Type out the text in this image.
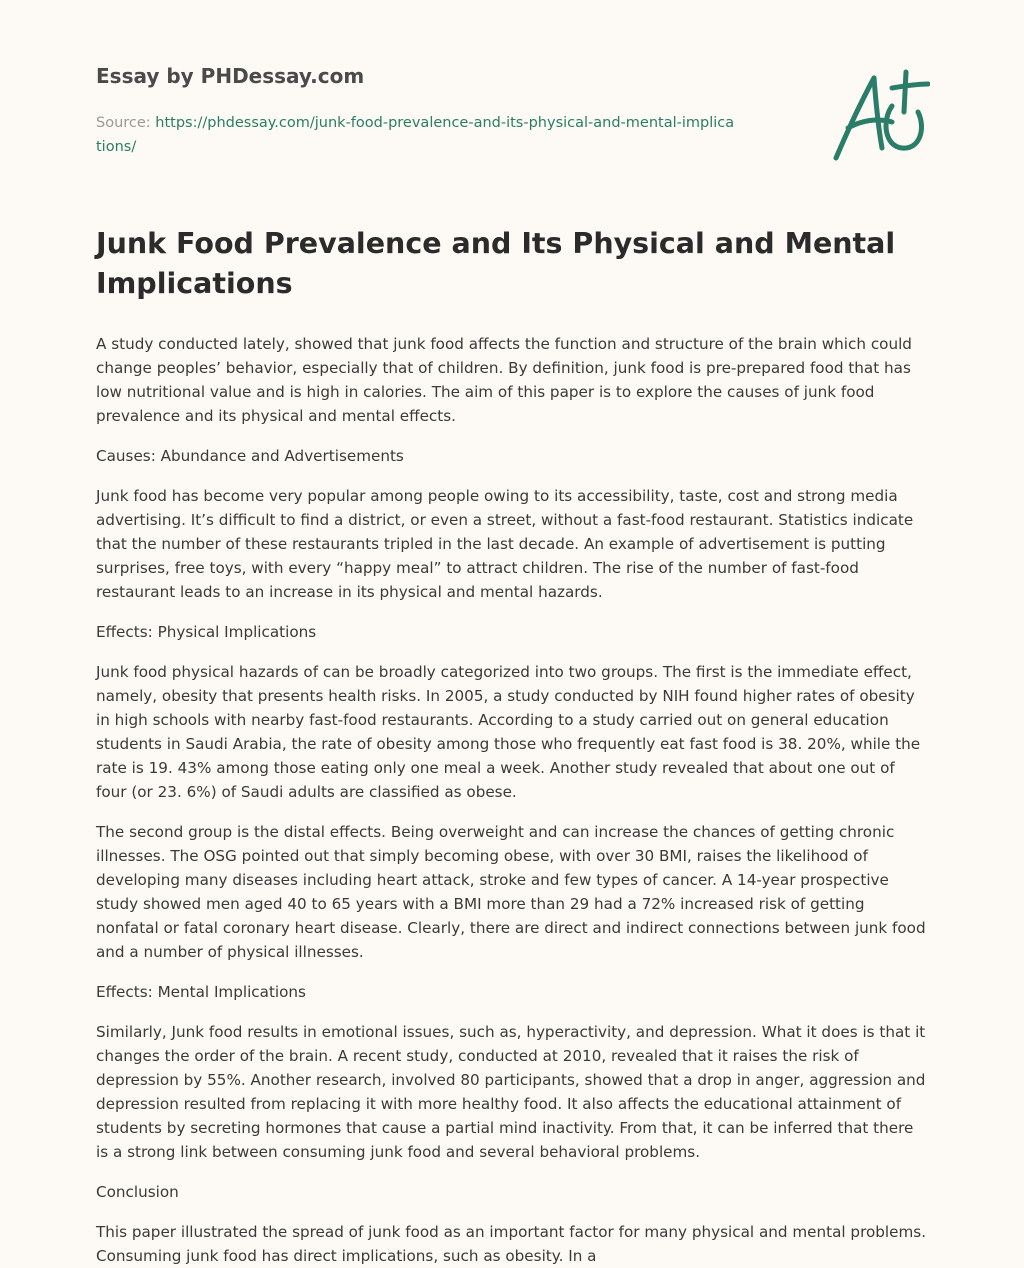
Essay by PHDessay.com

Source: https://phdessay.com/junk-food-prevalence-and-its-physical-and-mental-implications/

Junk Food Prevalence and Its Physical and Mental Implications

A study conducted lately, showed that junk food affects the function and structure of the brain which could change peoples’ behavior, especially that of children. By definition, junk food is pre-prepared food that has low nutritional value and is high in calories. The aim of this paper is to explore the causes of junk food prevalence and its physical and mental effects.

Causes: Abundance and Advertisements

Junk food has become very popular among people owing to its accessibility, taste, cost and strong media advertising. It’s difficult to find a district, or even a street, without a fast-food restaurant. Statistics indicate that the number of these restaurants tripled in the last decade. An example of advertisement is putting surprises, free toys, with every “happy meal” to attract children. The rise of the number of fast-food restaurant leads to an increase in its physical and mental hazards.

Effects: Physical Implications

Junk food physical hazards of can be broadly categorized into two groups. The first is the immediate effect, namely, obesity that presents health risks. In 2005, a study conducted by NIH found higher rates of obesity in high schools with nearby fast-food restaurants. According to a study carried out on general education students in Saudi Arabia, the rate of obesity among those who frequently eat fast food is 38. 20%, while the rate is 19. 43% among those eating only one meal a week. Another study revealed that about one out of four (or 23. 6%) of Saudi adults are classified as obese.

The second group is the distal effects. Being overweight and can increase the chances of getting chronic illnesses. The OSG pointed out that simply becoming obese, with over 30 BMI, raises the likelihood of developing many diseases including heart attack, stroke and few types of cancer. A 14-year prospective study showed men aged 40 to 65 years with a BMI more than 29 had a 72% increased risk of getting nonfatal or fatal coronary heart disease. Clearly, there are direct and indirect connections between junk food and a number of physical illnesses.

Effects: Mental Implications

Similarly, Junk food results in emotional issues, such as, hyperactivity, and depression. What it does is that it changes the order of the brain. A recent study, conducted at 2010, revealed that it raises the risk of depression by 55%. Another research, involved 80 participants, showed that a drop in anger, aggression and depression resulted from replacing it with more healthy food. It also affects the educational attainment of students by secreting hormones that cause a partial mind inactivity. From that, it can be inferred that there is a strong link between consuming junk food and several behavioral problems.

Conclusion

This paper illustrated the spread of junk food as an important factor for many physical and mental problems. Consuming junk food has direct implications, such as obesity. In a
